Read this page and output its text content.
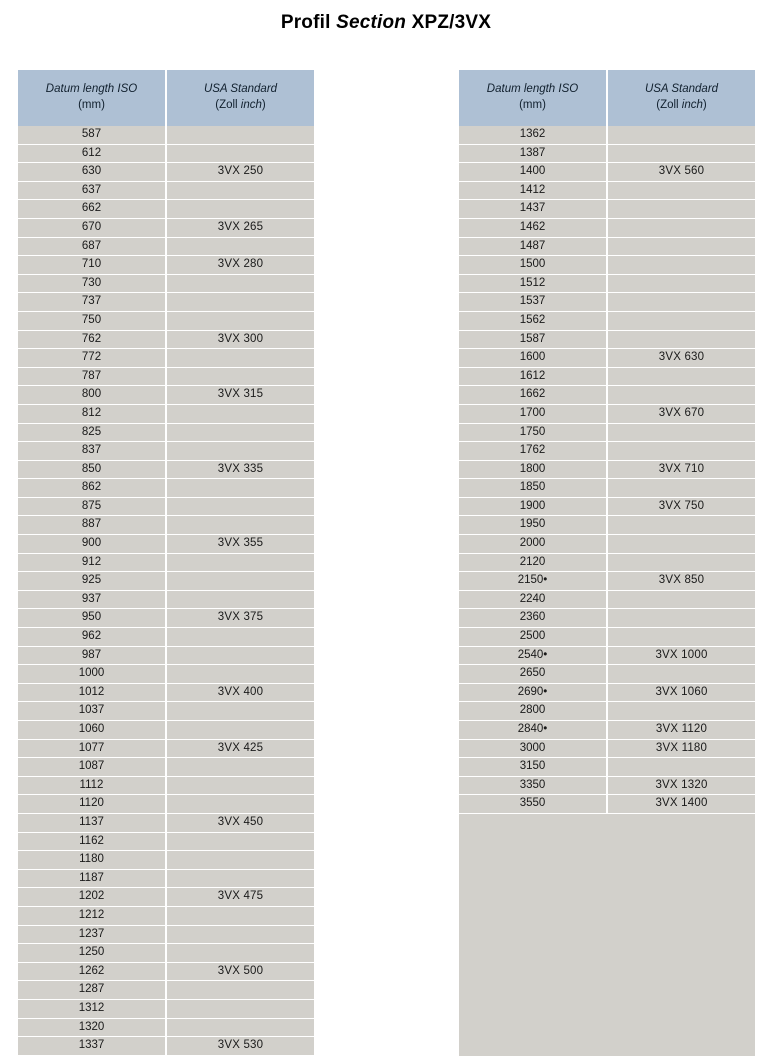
Profil Section XPZ/3VX
Datum length ISO
(mm)	USA Standard
(Zoll inch)
587	
612	
630	3VX 250
637	
662	
670	3VX 265
687	
710	3VX 280
730	
737	
750	
762	3VX 300
772	
787	
800	3VX 315
812	
825	
837	
850	3VX 335
862	
875	
887	
900	3VX 355
912	
925	
937	
950	3VX 375
962	
987	
1000	
1012	3VX 400
1037	
1060	
1077	3VX 425
1087	
1112	
1120	
1137	3VX 450
1162	
1180	
1187	
1202	3VX 475
1212	
1237	
1250	
1262	3VX 500
1287	
1312	
1320	
1337	3VX 530
Datum length ISO
(mm)	USA Standard
(Zoll inch)
1362	
1387	
1400	3VX 560
1412	
1437	
1462	
1487	
1500	
1512	
1537	
1562	
1587	
1600	3VX 630
1612	
1662	
1700	3VX 670
1750	
1762	
1800	3VX 710
1850	
1900	3VX 750
1950	
2000	
2120	
2150•	3VX 850
2240	
2360	
2500	
2540•	3VX 1000
2650	
2690•	3VX 1060
2800	
2840•	3VX 1120
3000	3VX 1180
3150	
3350	3VX 1320
3550	3VX 1400
